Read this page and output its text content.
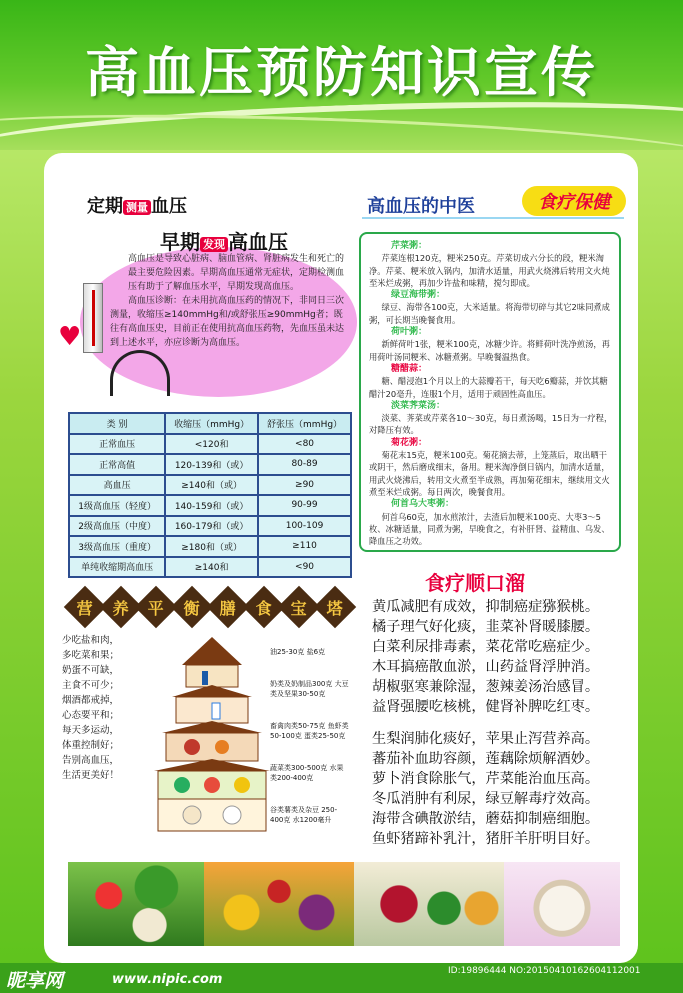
高血压预防知识宣传
定期 测量 血压
早期 发现 高血压
♥

高血压是导致心脏病、脑血管病、肾脏病发生和死亡的最主要危险因素。早期高血压通常无症状，定期检测血压有助于了解血压水平，早期发现高血压。

高血压诊断：在未用抗高血压药的情况下，非同日三次测量，收缩压≥140mmHg和/或舒张压≥90mmHg者；既往有高血压史，目前正在使用抗高血压药物，先血压虽未达到上述水平，亦应诊断为高血压。

类 别	收缩压（mmHg）	舒张压（mmHg）
正常血压	<120和	<80
正常高值	120-139和（或）	80-89
高血压	≥140和（或）	≥90
1级高血压（轻度）	140-159和（或）	90-99
2级高血压（中度）	160-179和（或）	100-109
3级高血压（重度）	≥180和（或）	≥110
单纯收缩期高血压	≥140和	<90
营 养 平 衡 膳 食 宝 塔
少吃盐和肉，
多吃菜和果；
奶蛋不可缺，
主食不可少；
烟酒都戒掉，
心态要平和；
每天多运动，
体重控制好；
告别高血压，
生活更美好！
油25-30克 盐6克
奶类及奶制品300克 大豆类及坚果30-50克
畜禽肉类50-75克 鱼虾类50-100克 蛋类25-50克
蔬菜类300-500克 水果类200-400克
谷类薯类及杂豆 250-400克 水1200毫升
高血压的中医	食疗保健
芹菜粥：
芹菜连根120克，粳米250克。芹菜切成六分长的段，粳米淘净。芹菜、粳米放入锅内，加清水适量，用武火烧沸后转用文火炖至米烂成粥，再加少许盐和味精，搅匀即成。
绿豆海带粥：
绿豆、海带各100克，大米适量。将海带切碎与其它2味同煮成粥，可长期当晚餐食用。
荷叶粥：
新鲜荷叶1张，粳米100克，冰糖少许。将鲜荷叶洗净煎汤，再用荷叶汤同粳米、冰糖煮粥。早晚餐温热食。
糖醋蒜：
糖、醋浸泡1个月以上的大蒜瓣若干，每天吃6瓣蒜，并饮其糖醋汁20毫升，连服1个月，适用于顽固性高血压。
淡菜荠菜汤：
淡菜、荠菜或芹菜各10～30克，每日煮汤喝，15日为一疗程，对降压有效。
菊花粥：
菊花末15克，粳米100克。菊花摘去蒂，上笼蒸后，取出晒干或阴干，然后磨成细末，备用。粳米淘净倒日锅内，加清水适量，用武火烧沸后，转用文火煮至半成熟，再加菊花细末，继续用文火煮至米烂成粥。每日两次，晚餐食用。
何首乌大枣粥：
何首乌60克，加水煎浓汁，去渣后加粳米100克、大枣3～5枚、冰糖适量，同煮为粥，早晚食之，有补肝肾、益精血、乌发、降血压之功效。
食疗顺口溜
黄瓜减肥有成效，抑制癌症猕猴桃。
橘子理气好化痰，韭菜补肾暖膝腰。
白菜利尿排毒素，菜花常吃癌症少。
木耳搞癌散血淤，山药益肾浮肿消。
胡椒驱寒兼除湿，葱辣姜汤治感冒。
益肾强腰吃核桃，健肾补脾吃红枣。
生梨润肺化痰好，苹果止泻营养高。
蕃茄补血助容颜，莲藕除烦解酒妙。
萝卜消食除胀气，芹菜能治血压高。
冬瓜消肿有利尿，绿豆解毒疗效高。
海带含碘散淤结，蘑菇抑制癌细胞。
鱼虾猪蹄补乳汁，猪肝羊肝明目好。
昵享网	www.nipic.com
ID:19896444 NO:20150410162604112001
